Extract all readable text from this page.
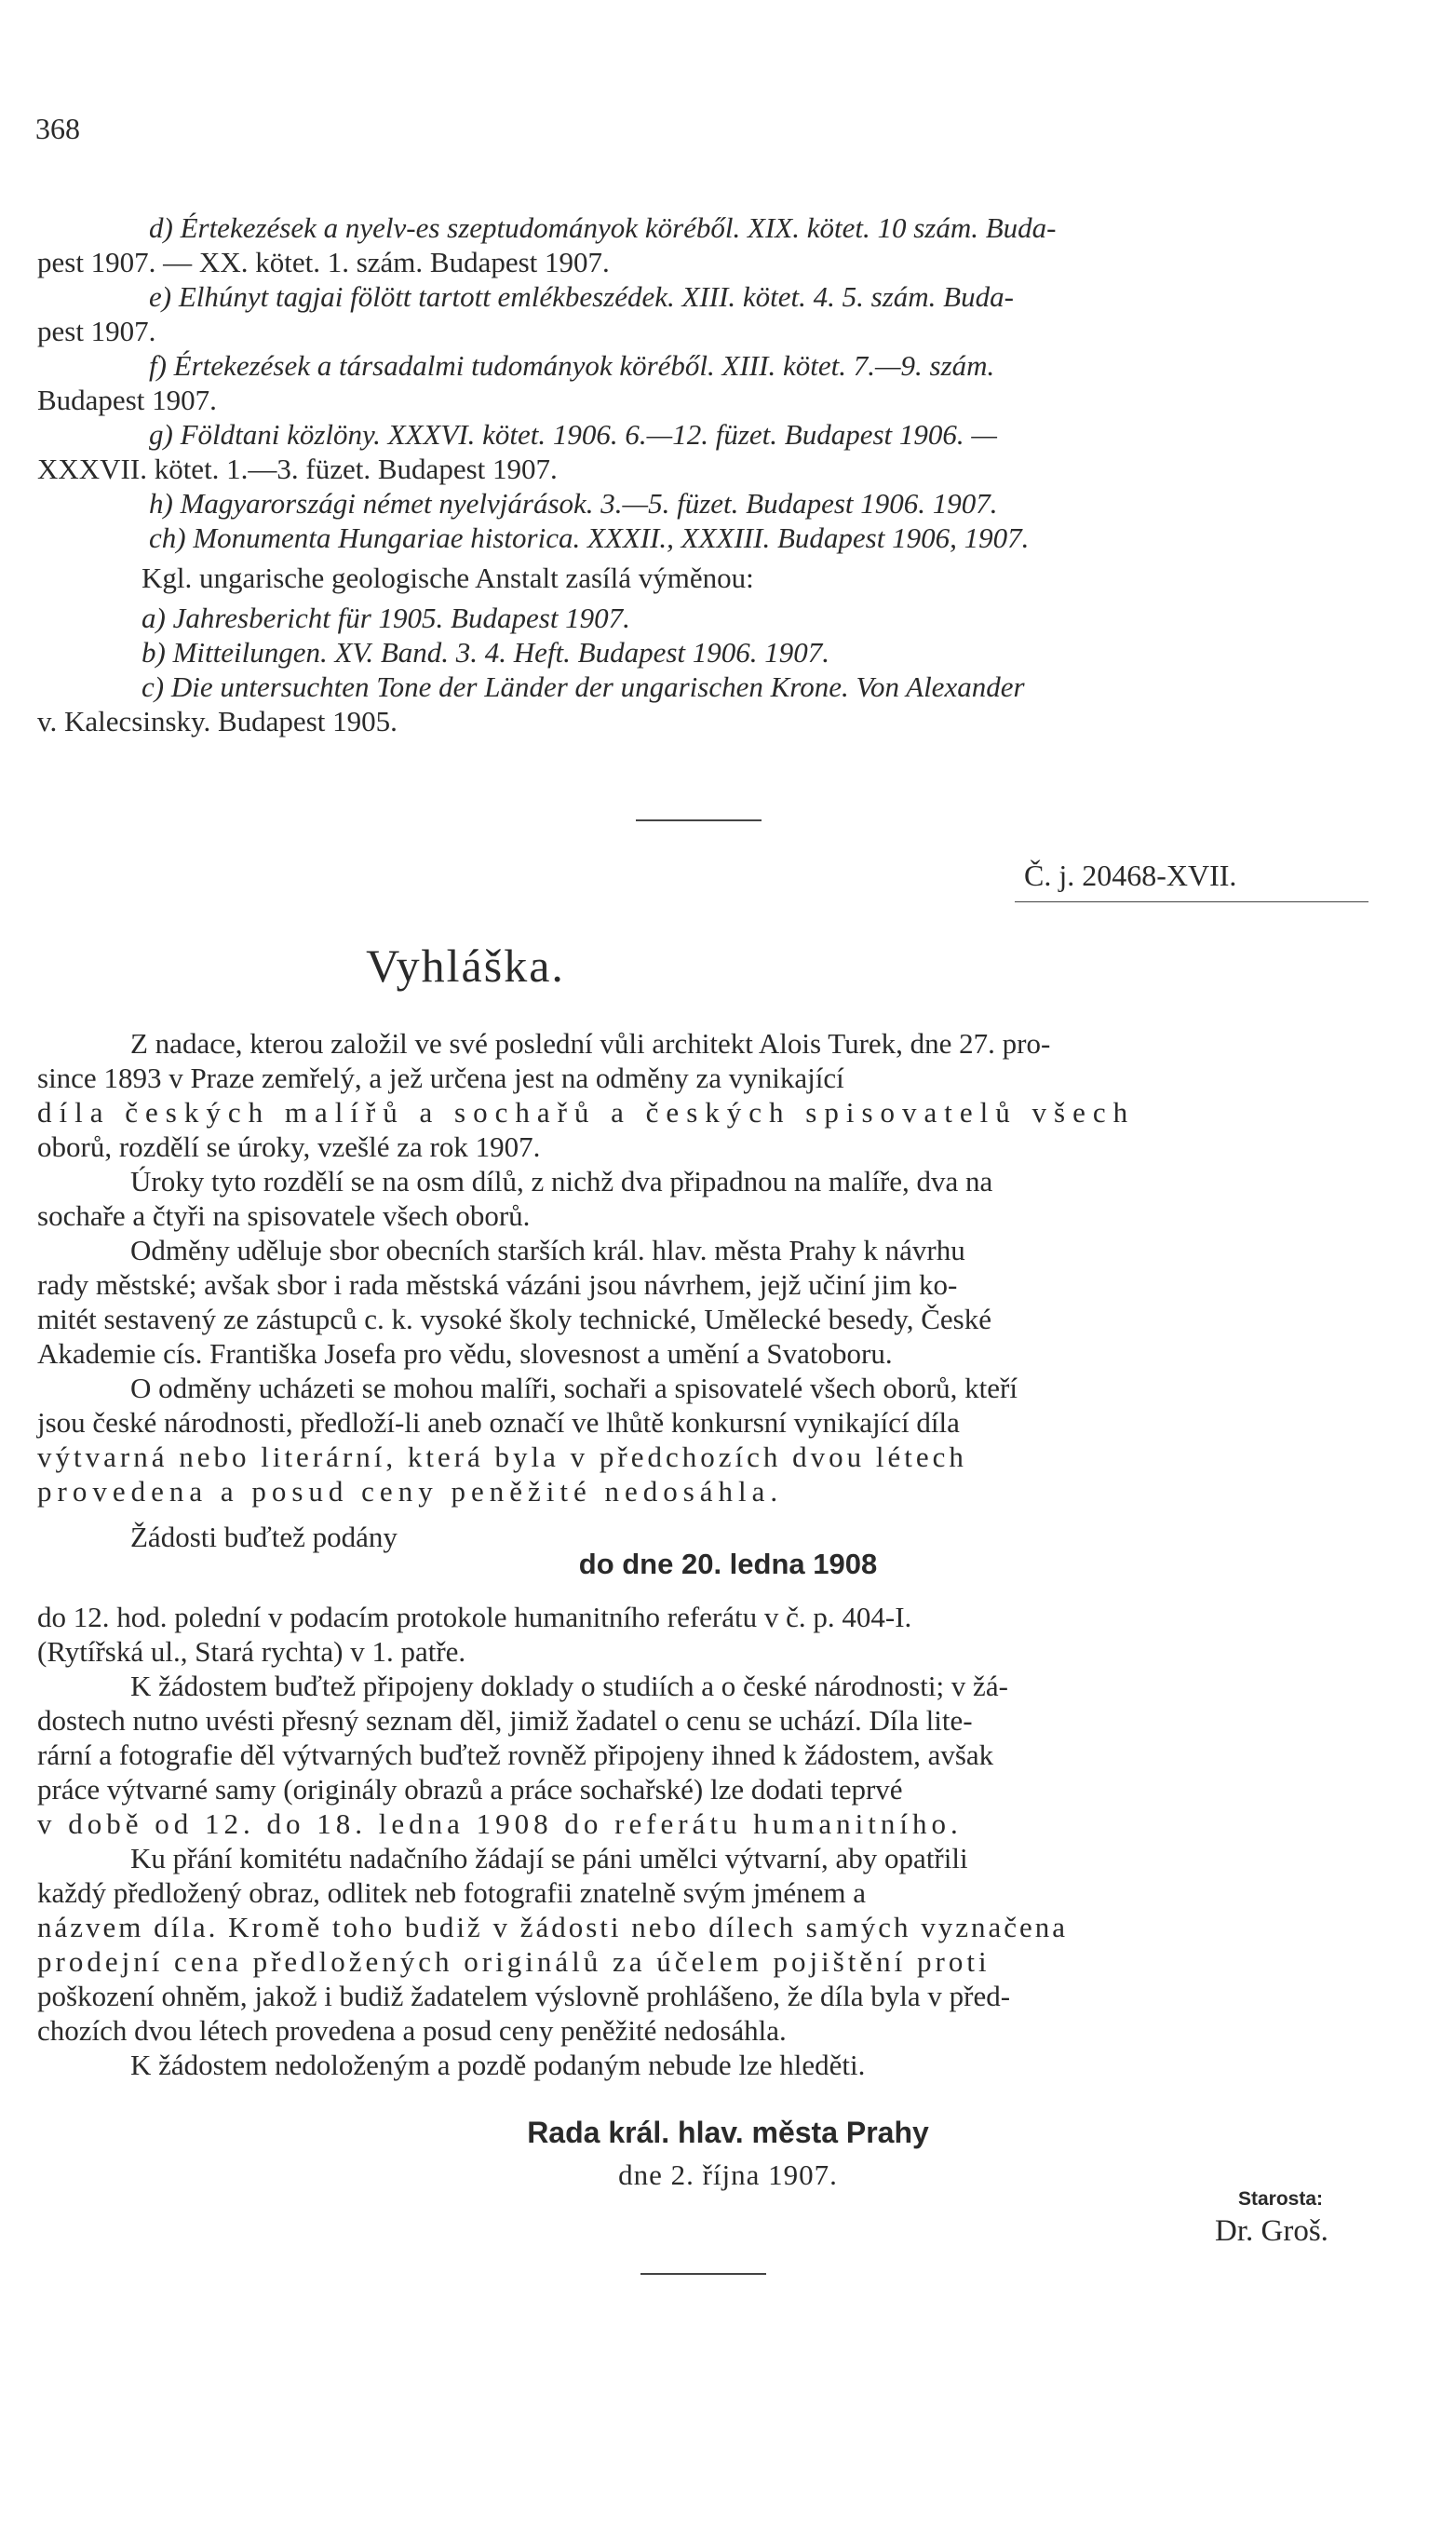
368
d) Értekezések a nyelv-es szeptudományok köréből. XIX. kötet. 10 szám. Buda-
pest 1907. — XX. kötet. 1. szám. Budapest 1907.
e) Elhúnyt tagjai fölött tartott emlékbeszédek. XIII. kötet. 4. 5. szám. Buda-
pest 1907.
f) Értekezések a társadalmi tudományok köréből. XIII. kötet. 7.—9. szám.
Budapest 1907.
g) Földtani közlöny. XXXVI. kötet. 1906. 6.—12. füzet. Budapest 1906. —
XXXVII. kötet. 1.—3. füzet. Budapest 1907.
h) Magyarországi német nyelvjárások. 3.—5. füzet. Budapest 1906. 1907.
ch) Monumenta Hungariae historica. XXXII., XXXIII. Budapest 1906, 1907.
Kgl. ungarische geologische Anstalt zasílá výměnou:
a) Jahresbericht für 1905. Budapest 1907.
b) Mitteilungen. XV. Band. 3. 4. Heft. Budapest 1906. 1907.
c) Die untersuchten Tone der Länder der ungarischen Krone. Von Alexander
v. Kalecsinsky. Budapest 1905.
Č. j. 20468-XVII.
Vyhláška.
Z nadace, kterou založil ve své poslední vůli architekt Alois Turek, dne 27. pro-
since 1893 v Praze zemřelý, a jež určena jest na odměny za vynikající
díla českých malířů a sochařů a českých spisovatelů všech
oborů, rozdělí se úroky, vzešlé za rok 1907.
Úroky tyto rozdělí se na osm dílů, z nichž dva připadnou na malíře, dva na
sochaře a čtyři na spisovatele všech oborů.
Odměny uděluje sbor obecních starších král. hlav. města Prahy k návrhu
rady městské; avšak sbor i rada městská vázáni jsou návrhem, jejž učiní jim ko-
mitét sestavený ze zástupců c. k. vysoké školy technické, Umělecké besedy, České
Akademie cís. Františka Josefa pro vědu, slovesnost a umění a Svatoboru.
O odměny ucházeti se mohou malíři, sochaři a spisovatelé všech oborů, kteří
jsou české národnosti, předloží-li aneb označí ve lhůtě konkursní vynikající díla
výtvarná nebo literární, která byla v předchozích dvou létech
provedena a posud ceny peněžité nedosáhla.
Žádosti buďtež podány
do dne 20. ledna 1908
do 12. hod. polední v podacím protokole humanitního referátu v č. p. 404-I.
(Rytířská ul., Stará rychta) v 1. patře.
K žádostem buďtež připojeny doklady o studiích a o české národnosti; v žá-
dostech nutno uvésti přesný seznam děl, jimiž žadatel o cenu se uchází. Díla lite-
rární a fotografie děl výtvarných buďtež rovněž připojeny ihned k žádostem, avšak
práce výtvarné samy (originály obrazů a práce sochařské) lze dodati teprvé
v době od 12. do 18. ledna 1908 do referátu humanitního.
Ku přání komitétu nadačního žádají se páni umělci výtvarní, aby opatřili
každý předložený obraz, odlitek neb fotografii znatelně svým jménem a
názvem díla. Kromě toho budiž v žádosti nebo dílech samých vyznačena
prodejní cena předložených originálů za účelem pojištění proti
poškození ohněm, jakož i budiž žadatelem výslovně prohlášeno, že díla byla v před-
chozích dvou létech provedena a posud ceny peněžité nedosáhla.
K žádostem nedoloženým a pozdě podaným nebude lze hleděti.
Rada král. hlav. města Prahy
dne 2. října 1907.
Starosta:
Dr. Groš.
